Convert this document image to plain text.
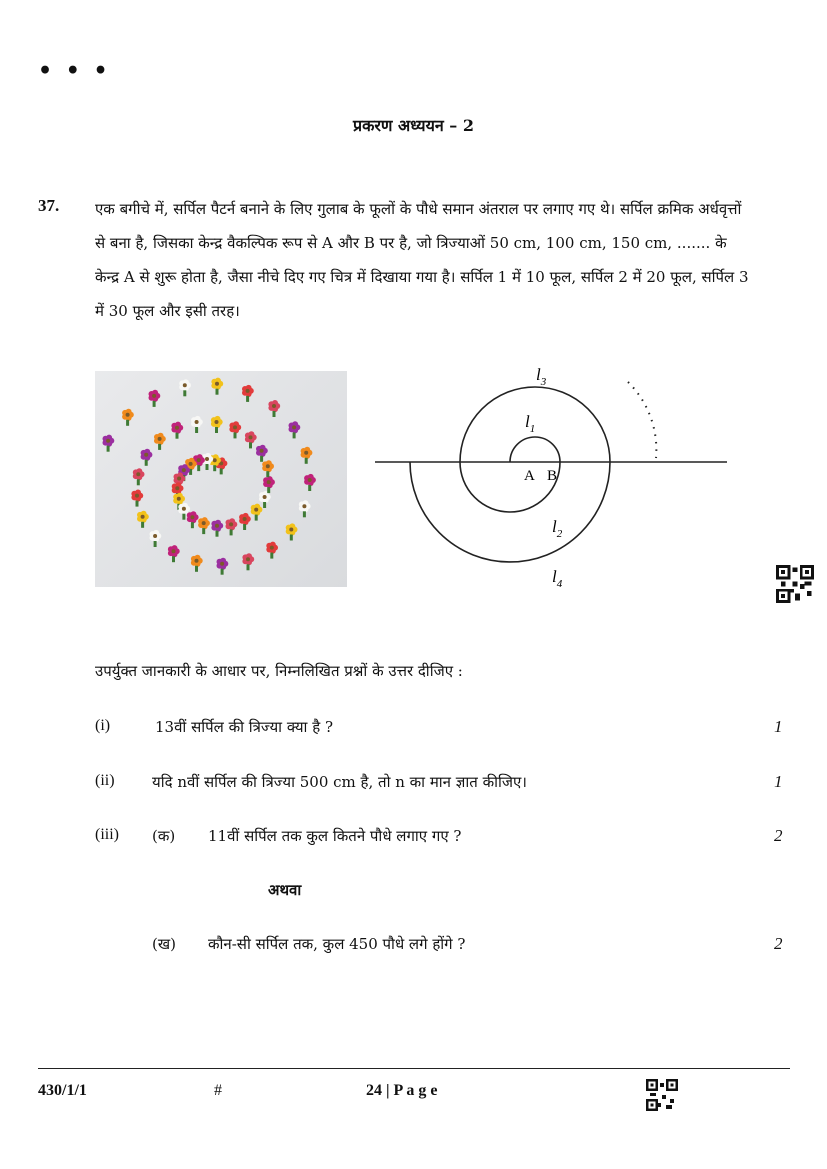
• • •
प्रकरण अध्ययन – 2
37. एक बगीचे में, सर्पिल पैटर्न बनाने के लिए गुलाब के फूलों के पौधे समान अंतराल पर लगाए गए थे। सर्पिल क्रमिक अर्धवृत्तों से बना है, जिसका केन्द्र वैकल्पिक रूप से A और B पर है, जो त्रिज्याओं 50 cm, 100 cm, 150 cm, ....... के केन्द्र A से शुरू होता है, जैसा नीचे दिए गए चित्र में दिखाया गया है। सर्पिल 1 में 10 फूल, सर्पिल 2 में 20 फूल, सर्पिल 3 में 30 फूल और इसी तरह।

A B
$l_1$
$l_2$
$l_3$
$l_4$
उपर्युक्त जानकारी के आधार पर, निम्नलिखित प्रश्नों के उत्तर दीजिए :
(i)	13वीं सर्पिल की त्रिज्या क्या है ?	1
(ii) यदि nवीं सर्पिल की त्रिज्या 500 cm है, तो n का मान ज्ञात कीजिए।	1
(iii) (क) 11वीं सर्पिल तक कुल कितने पौधे लगाए गए ?	2
अथवा
(ख) कौन-सी सर्पिल तक, कुल 450 पौधे लगे होंगे ?	2
430/1/1	#	24 | P a g e
